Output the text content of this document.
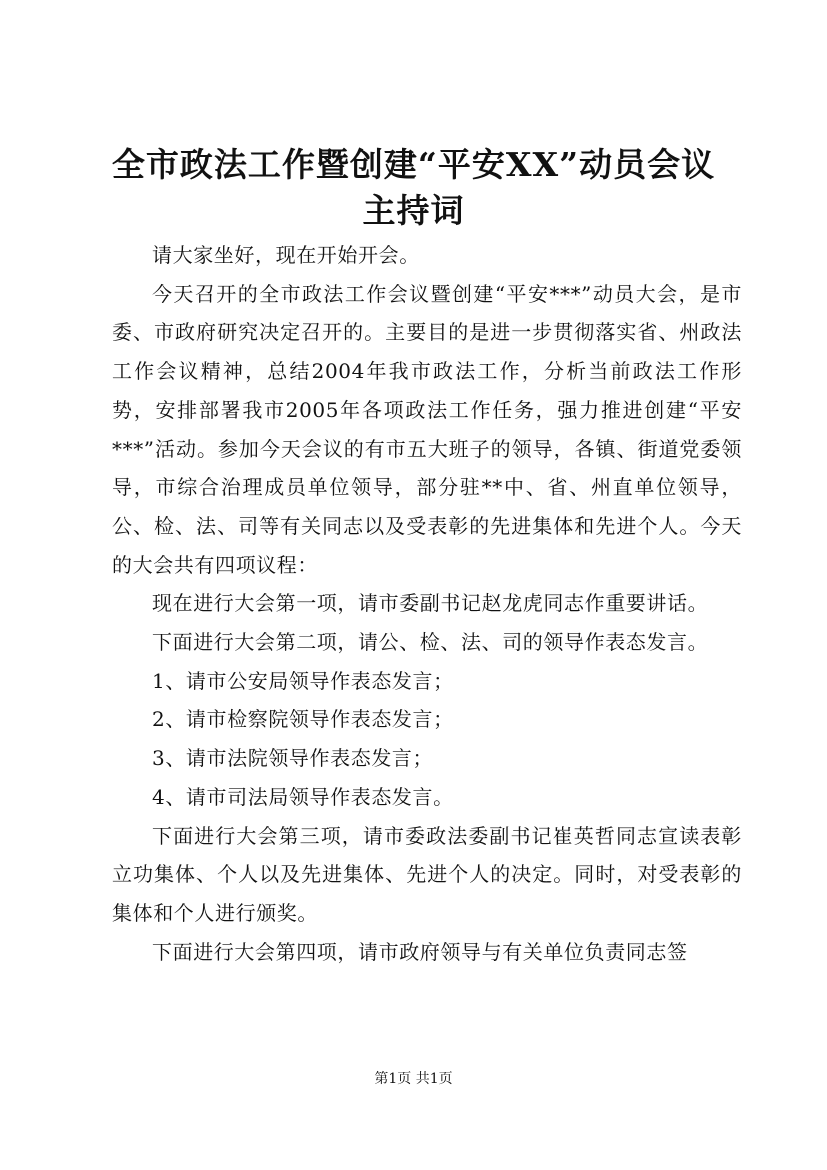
全市政法工作暨创建“平安XX”动员会议主持词

请大家坐好，现在开始开会。

今天召开的全市政法工作会议暨创建“平安***”动员大会，是市委、市政府研究决定召开的。主要目的是进一步贯彻落实省、州政法工作会议精神，总结2004年我市政法工作，分析当前政法工作形势，安排部署我市2005年各项政法工作任务，强力推进创建“平安***”活动。参加今天会议的有市五大班子的领导，各镇、街道党委领导，市综合治理成员单位领导，部分驻**中、省、州直单位领导，公、检、法、司等有关同志以及受表彰的先进集体和先进个人。今天的大会共有四项议程：

现在进行大会第一项，请市委副书记赵龙虎同志作重要讲话。

下面进行大会第二项，请公、检、法、司的领导作表态发言。

1、请市公安局领导作表态发言；

2、请市检察院领导作表态发言；

3、请市法院领导作表态发言；

4、请市司法局领导作表态发言。

下面进行大会第三项，请市委政法委副书记崔英哲同志宣读表彰立功集体、个人以及先进集体、先进个人的决定。同时，对受表彰的集体和个人进行颁奖。

下面进行大会第四项，请市政府领导与有关单位负责同志签

第1页 共1页
